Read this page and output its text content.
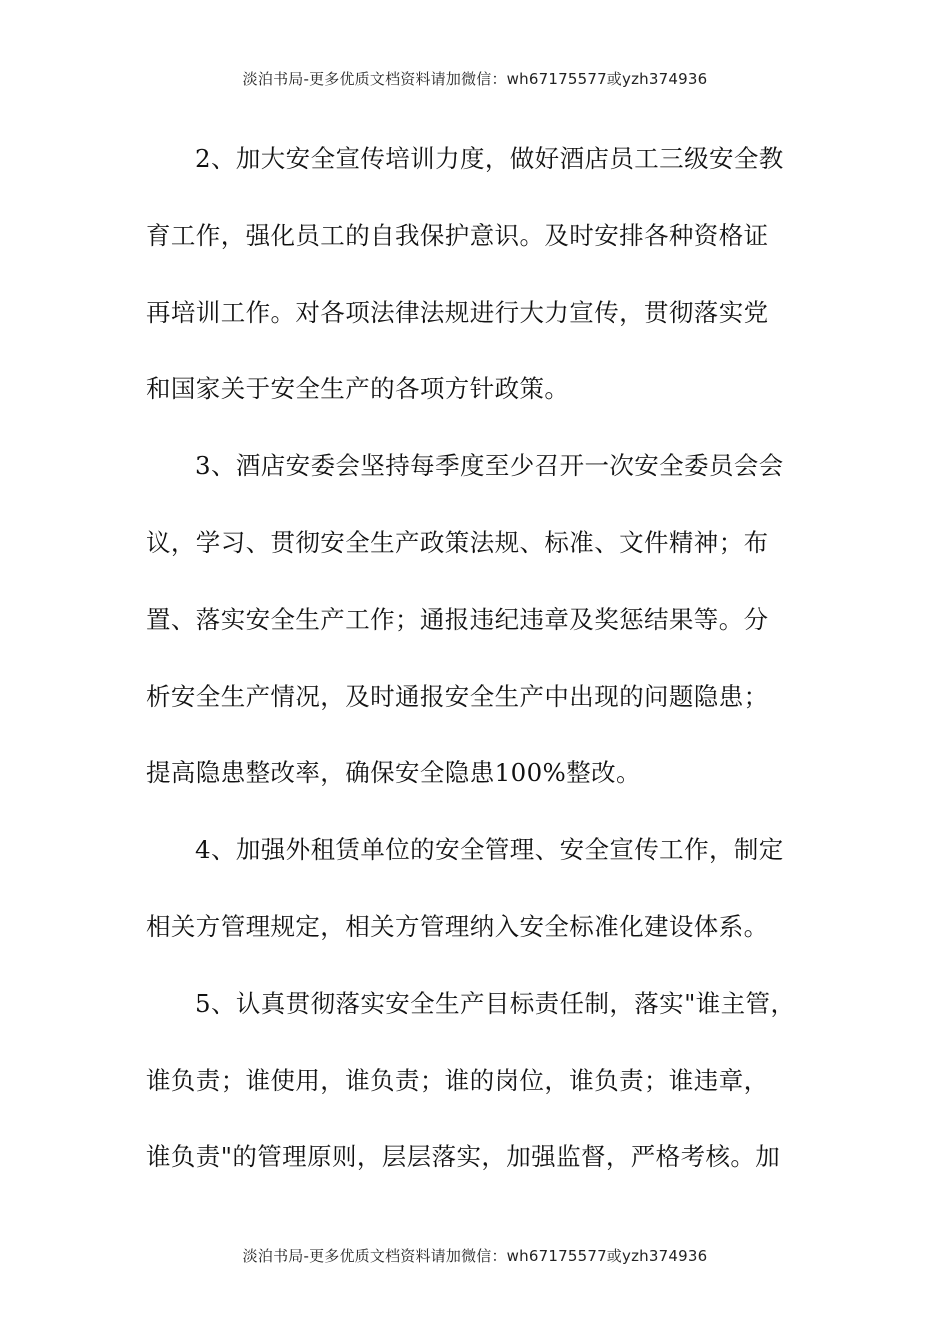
淡泊书局-更多优质文档资料请加微信：wh67175577或yzh374936
2、加大安全宣传培训力度，做好酒店员工三级安全教
育工作，强化员工的自我保护意识。及时安排各种资格证
再培训工作。对各项法律法规进行大力宣传，贯彻落实党
和国家关于安全生产的各项方针政策。
3、酒店安委会坚持每季度至少召开一次安全委员会会
议，学习、贯彻安全生产政策法规、标准、文件精神；布
置、落实安全生产工作；通报违纪违章及奖惩结果等。分
析安全生产情况，及时通报安全生产中出现的问题隐患；
提高隐患整改率，确保安全隐患100%整改。
4、加强外租赁单位的安全管理、安全宣传工作，制定
相关方管理规定，相关方管理纳入安全标准化建设体系。
5、认真贯彻落实安全生产目标责任制，落实"谁主管，
谁负责；谁使用，谁负责；谁的岗位，谁负责；谁违章，
谁负责"的管理原则，层层落实，加强监督，严格考核。加
淡泊书局-更多优质文档资料请加微信：wh67175577或yzh374936
